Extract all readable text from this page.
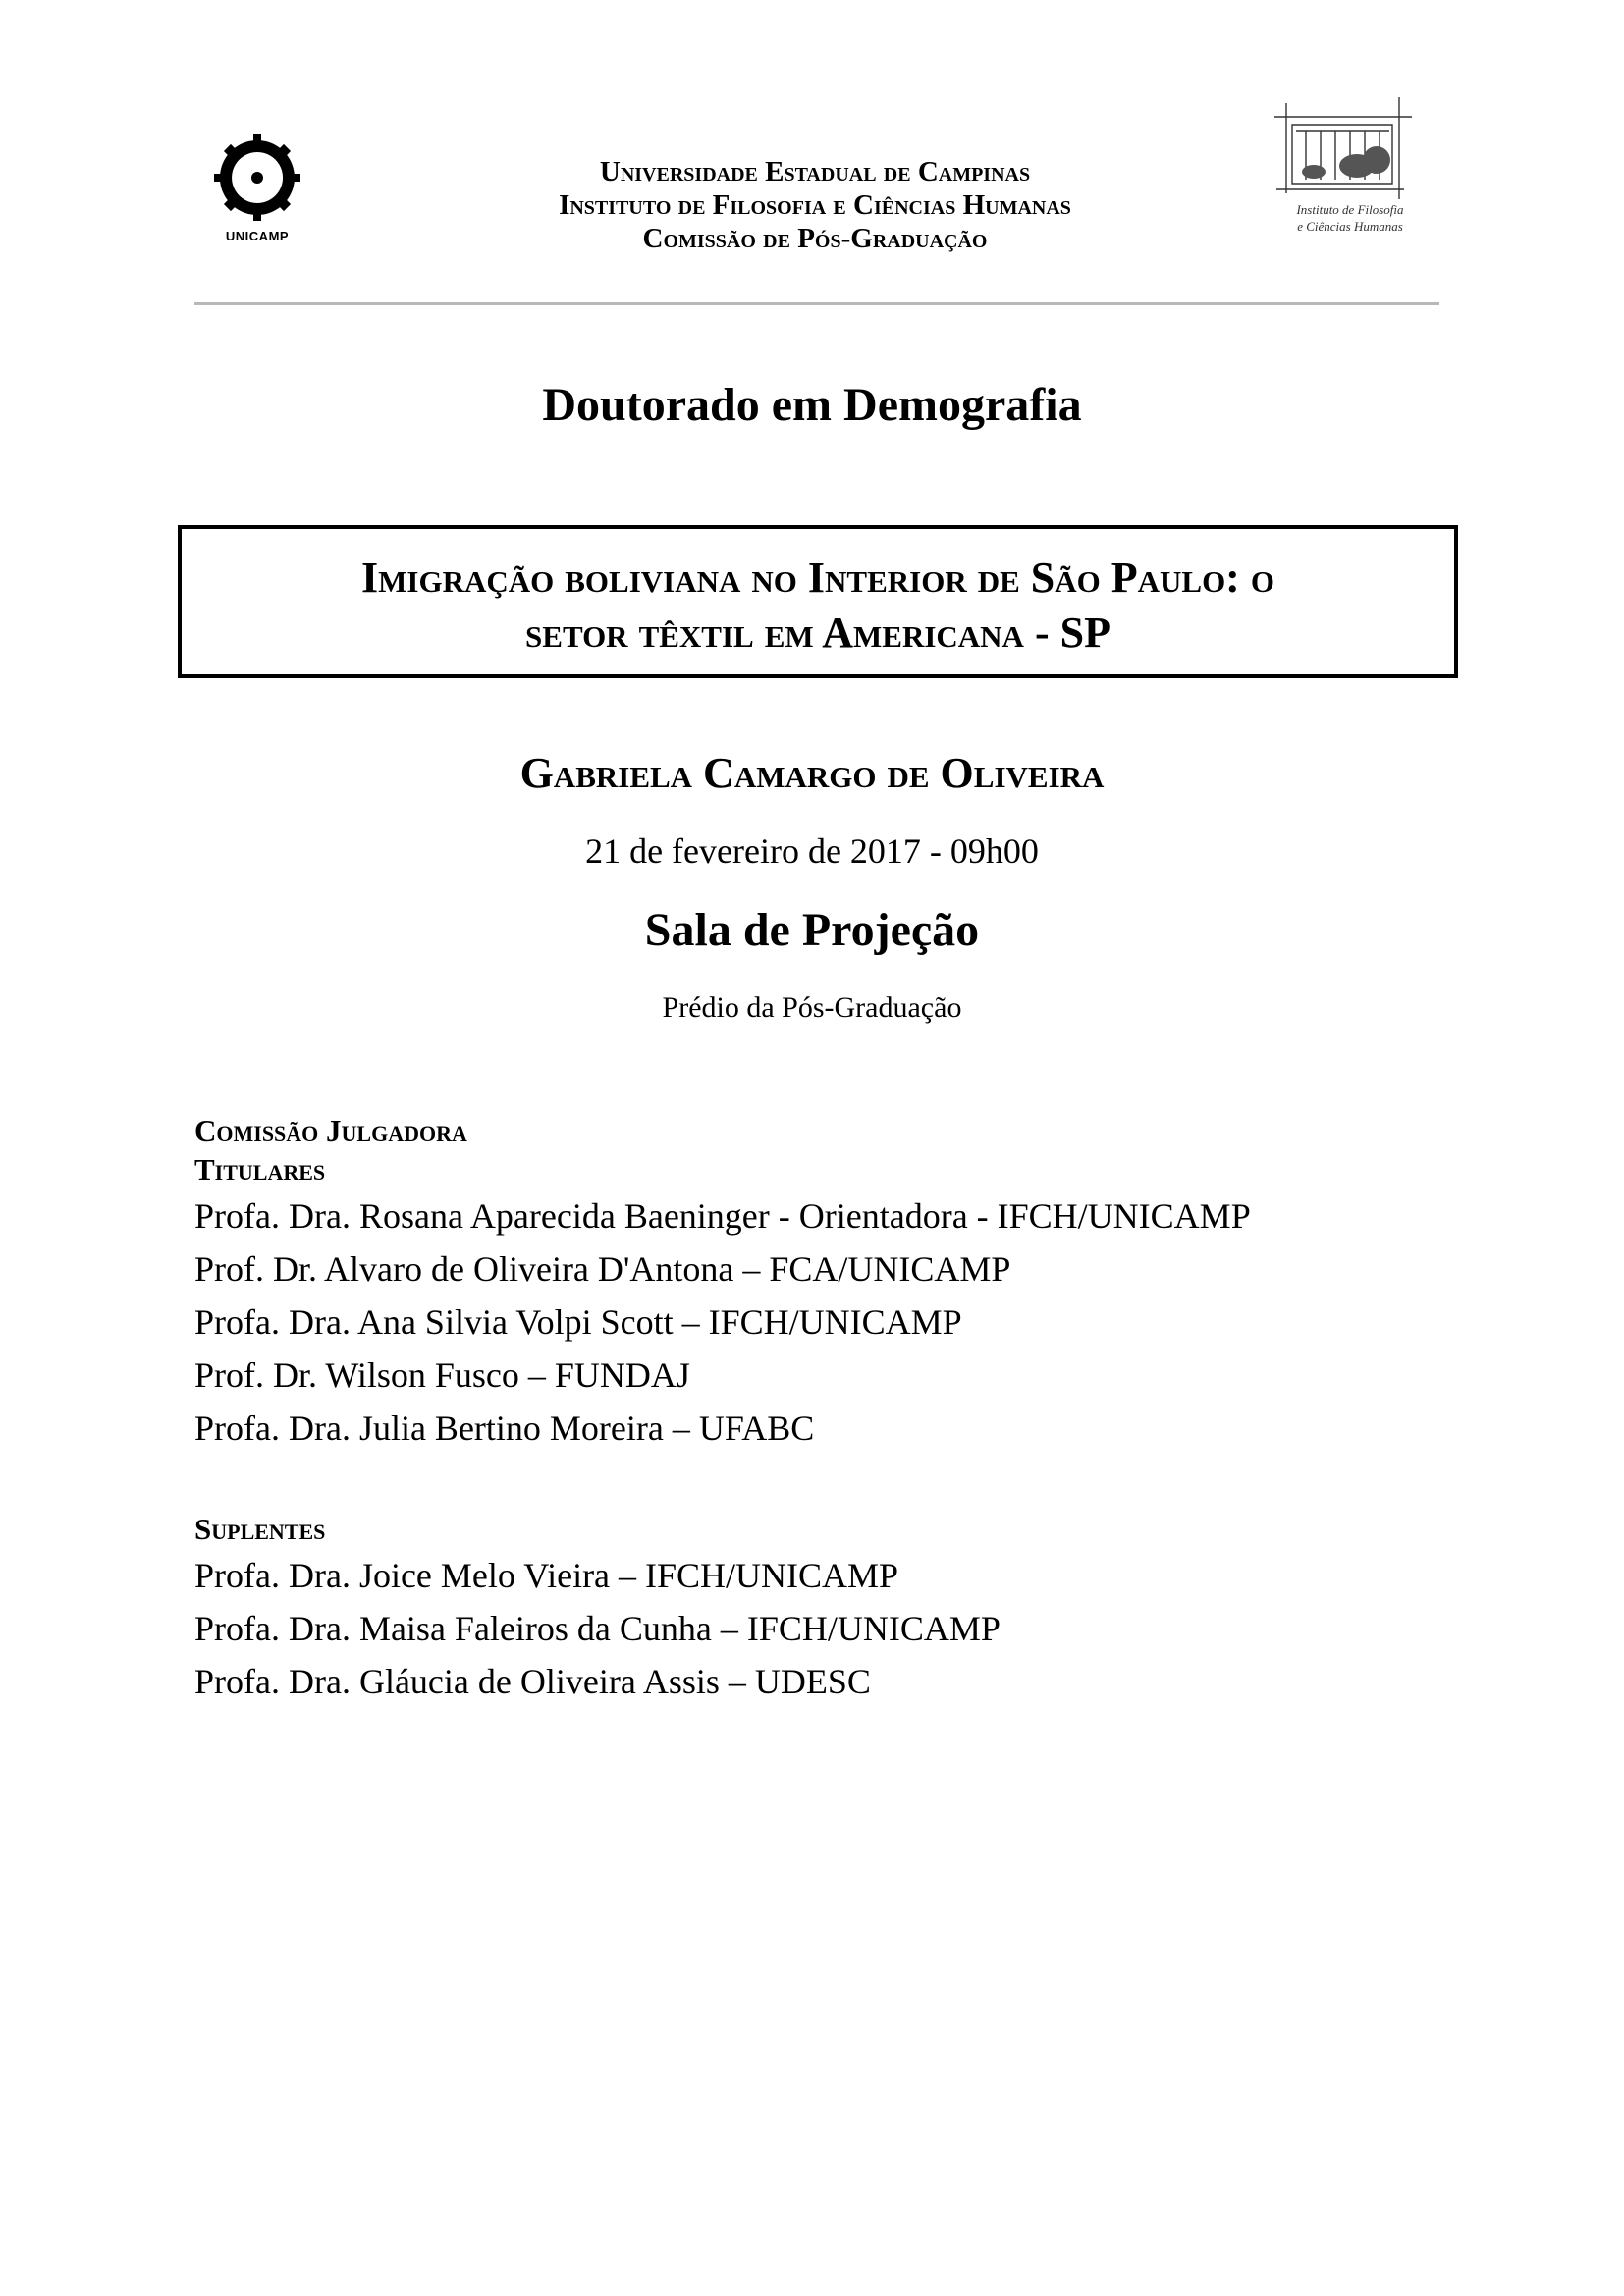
UNICAMP
Universidade Estadual de Campinas
Instituto de Filosofia e Ciências Humanas
Comissão de Pós-Graduação
Instituto de Filosofia
e Ciências Humanas
Doutorado em Demografia
Imigração boliviana no Interior de São Paulo: o
setor têxtil em Americana - SP
Gabriela Camargo de Oliveira
21 de fevereiro de 2017 - 09h00
Sala de Projeção
Prédio da Pós-Graduação
Comissão Julgadora
Titulares
Profa. Dra. Rosana Aparecida Baeninger - Orientadora - IFCH/UNICAMP
Prof. Dr. Alvaro de Oliveira D'Antona – FCA/UNICAMP
Profa. Dra. Ana Silvia Volpi Scott – IFCH/UNICAMP
Prof. Dr. Wilson Fusco – FUNDAJ
Profa. Dra. Julia Bertino Moreira – UFABC
Suplentes
Profa. Dra. Joice Melo Vieira – IFCH/UNICAMP
Profa. Dra. Maisa Faleiros da Cunha – IFCH/UNICAMP
Profa. Dra. Gláucia de Oliveira Assis – UDESC
